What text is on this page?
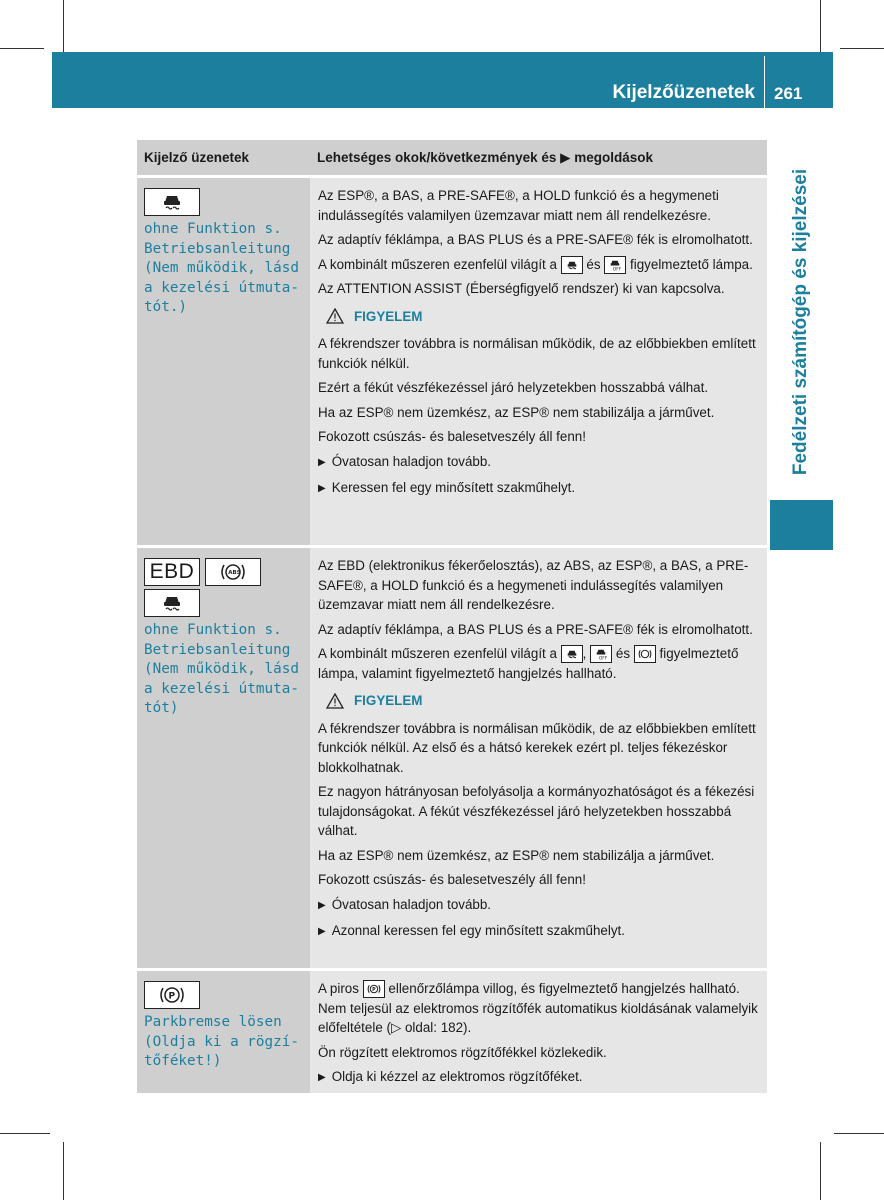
Kijelzőüzenetek 261
Fedélzeti számítógép és kijelzései
Kijelző üzenetek	Lehetséges okok/következmények és ▶ megoldások
ohne Funktion s.
Betriebsanleitung
(Nem működik, lásd
a kezelési útmuta-
tót.)

Az ESP®, a BAS, a PRE-SAFE®, a HOLD funkció és a hegymeneti indulássegítés valamilyen üzemzavar miatt nem áll rendelkezésre.

Az adaptív féklámpa, a BAS PLUS és a PRE-SAFE® fék is elromolhatott.

A kombinált műszeren ezenfelül világít a és OFF figyelmeztető lámpa.

Az ATTENTION ASSIST (Éberségfigyelő rendszer) ki van kapcsolva.

FIGYELEM

A fékrendszer továbbra is normálisan működik, de az előbbiekben említett funkciók nélkül.

Ezért a fékút vészfékezéssel járó helyzetekben hosszabbá válhat.

Ha az ESP® nem üzemkész, az ESP® nem stabilizálja a járművet.

Fokozott csúszás- és balesetveszély áll fenn!

▶ Óvatosan haladjon tovább.

▶ Keressen fel egy minősített szakműhelyt.

EBD	ABS
ohne Funktion s.
Betriebsanleitung
(Nem működik, lásd
a kezelési útmuta-
tót)

Az EBD (elektronikus fékerőelosztás), az ABS, az ESP®, a BAS, a PRE-SAFE®, a HOLD funkció és a hegymeneti indulássegítés valamilyen üzemzavar miatt nem áll rendelkezésre.

Az adaptív féklámpa, a BAS PLUS és a PRE-SAFE® fék is elromolhatott.

A kombinált műszeren ezenfelül világít a , OFF és figyelmeztető lámpa, valamint figyelmeztető hangjelzés hallható.

FIGYELEM

A fékrendszer továbbra is normálisan működik, de az előbbiekben említett funkciók nélkül. Az első és a hátsó kerekek ezért pl. teljes fékezéskor blokkolhatnak.

Ez nagyon hátrányosan befolyásolja a kormányozhatóságot és a fékezési tulajdonságokat. A fékút vészfékezéssel járó helyzetekben hosszabbá válhat.

Ha az ESP® nem üzemkész, az ESP® nem stabilizálja a járművet.

Fokozott csúszás- és balesetveszély áll fenn!

▶ Óvatosan haladjon tovább.

▶ Azonnal keressen fel egy minősített szakműhelyt.

P
Parkbremse lösen
(Oldja ki a rögzí-
tőféket!)

A piros P ellenőrzőlámpa villog, és figyelmeztető hangjelzés hallható. Nem teljesül az elektromos rögzítőfék automatikus kioldásának valamelyik előfeltétele (▷ oldal: 182).

Ön rögzített elektromos rögzítőfékkel közlekedik.

▶ Oldja ki kézzel az elektromos rögzítőféket.
